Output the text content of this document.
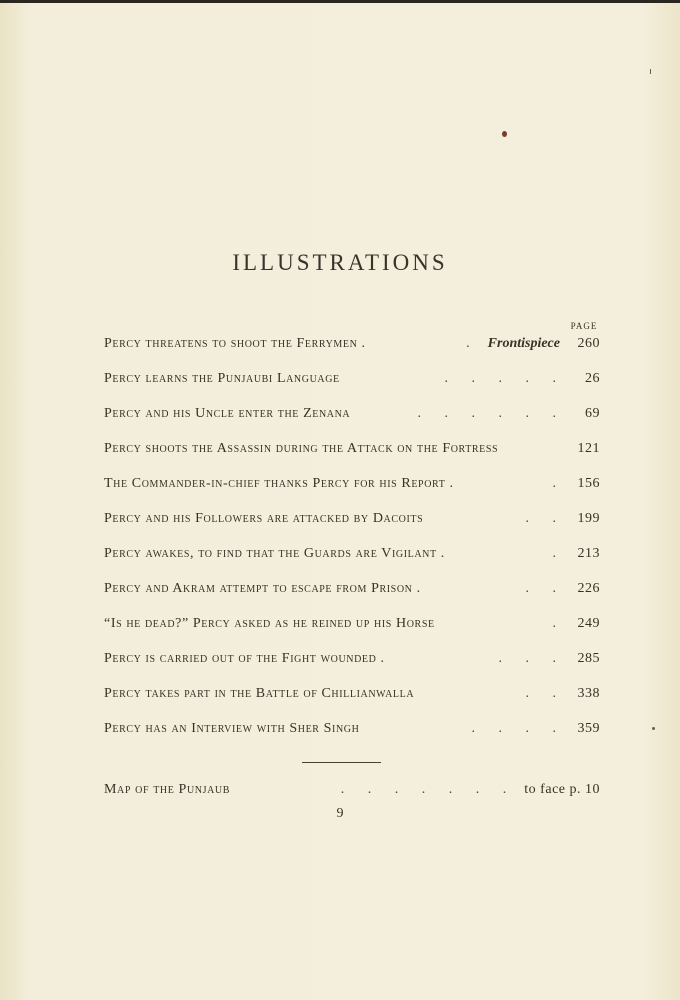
ILLUSTRATIONS
PAGE
Percy threatens to shoot the Ferrymen .	. Frontispiece 260
Percy learns the Punjaubi Language	. . . . .	26
Percy and his Uncle enter the Zenana	. . . . . .	69
Percy shoots the Assassin during the Attack on the Fortress	121
The Commander-in-chief thanks Percy for his Report .	. 156
Percy and his Followers are attacked by Dacoits	. . 199
Percy awakes, to find that the Guards are Vigilant .	. 213
Percy and Akram attempt to escape from Prison .	. . 226
“Is he dead?” Percy asked as he reined up his Horse	. 249
Percy is carried out of the Fight wounded .	. . . 285
Percy takes part in the Battle of Chillianwalla	. . 338
Percy has an Interview with Sher Singh	. . . . 359
Map of the Punjaub	. . . . . . . to face p. 10
9
